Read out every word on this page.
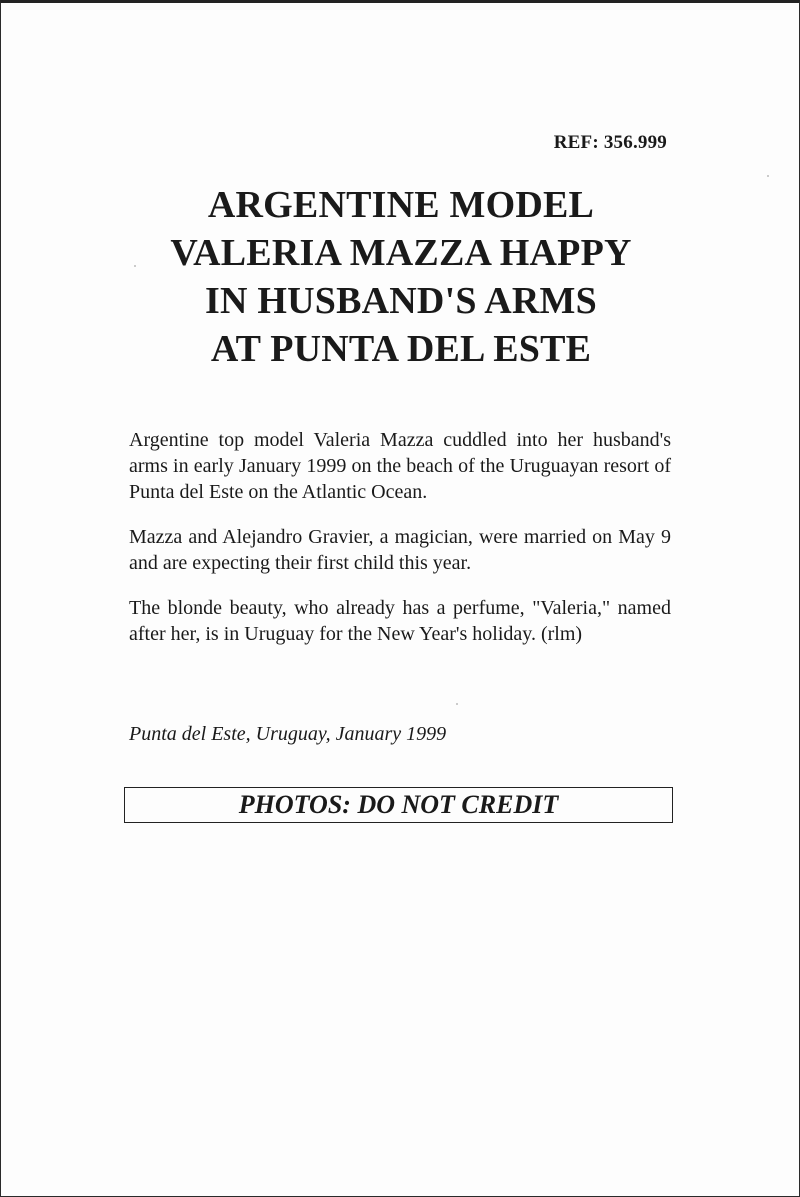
REF: 356.999
ARGENTINE MODEL
VALERIA MAZZA HAPPY
IN HUSBAND'S ARMS
AT PUNTA DEL ESTE

Argentine top model Valeria Mazza cuddled into her husband's arms in early January 1999 on the beach of the Uruguayan resort of Punta del Este on the Atlantic Ocean.

Mazza and Alejandro Gravier, a magician, were married on May 9 and are expecting their first child this year.

The blonde beauty, who already has a perfume, "Valeria," named after her, is in Uruguay for the New Year's holiday. (rlm)

Punta del Este, Uruguay, January 1999
PHOTOS: DO NOT CREDIT
